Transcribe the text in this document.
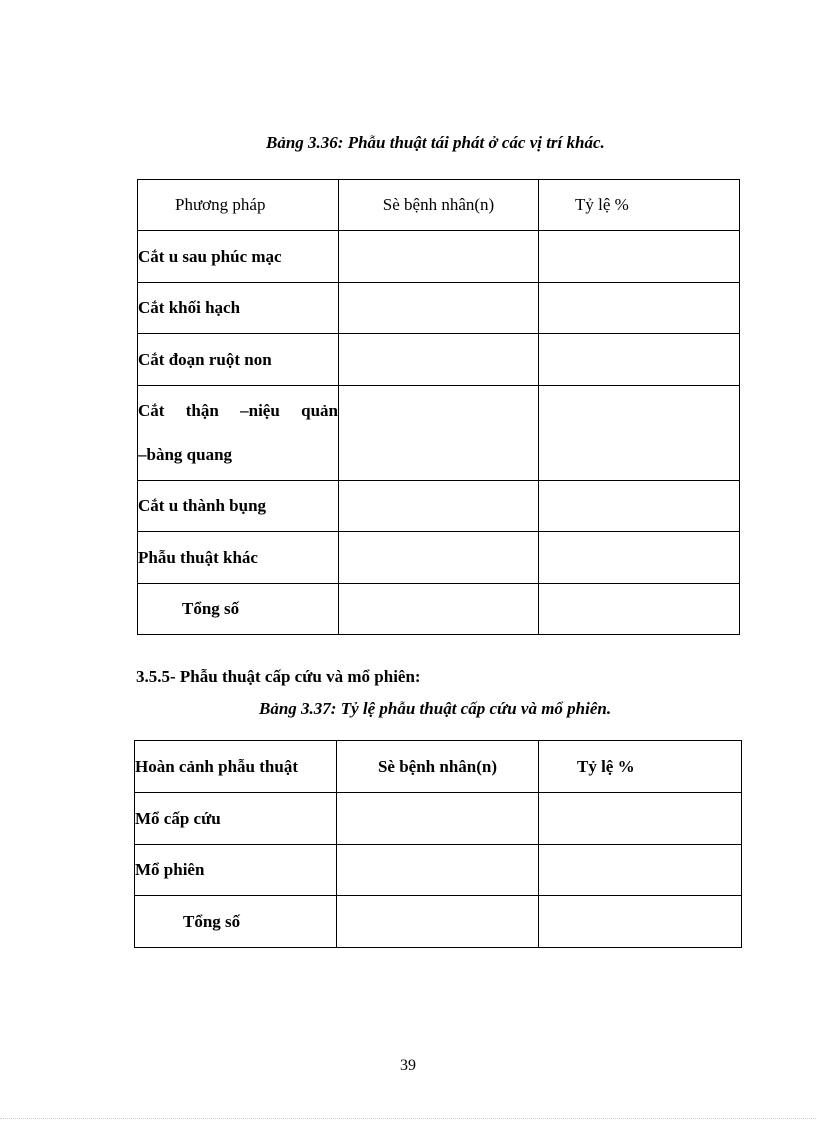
Bảng 3.36: Phẫu thuật tái phát ở các vị trí khác.
Phương pháp	Sè bệnh nhân(n)	Tỷ lệ %
Cắt u sau phúc mạc		
Cắt khối hạch		
Cắt đoạn ruột non		

Cắt thận –niệu quản
–bàng quang		

Cắt u thành bụng		
Phẫu thuật khác		
Tổng số		
3.5.5- Phẫu thuật cấp cứu và mổ phiên:
Bảng 3.37: Tỷ lệ phẫu thuật cấp cứu và mổ phiên.
Hoàn cảnh phẫu thuật	Sè bệnh nhân(n)	Tỷ lệ %
Mổ cấp cứu		
Mổ phiên		
Tổng số		
39
